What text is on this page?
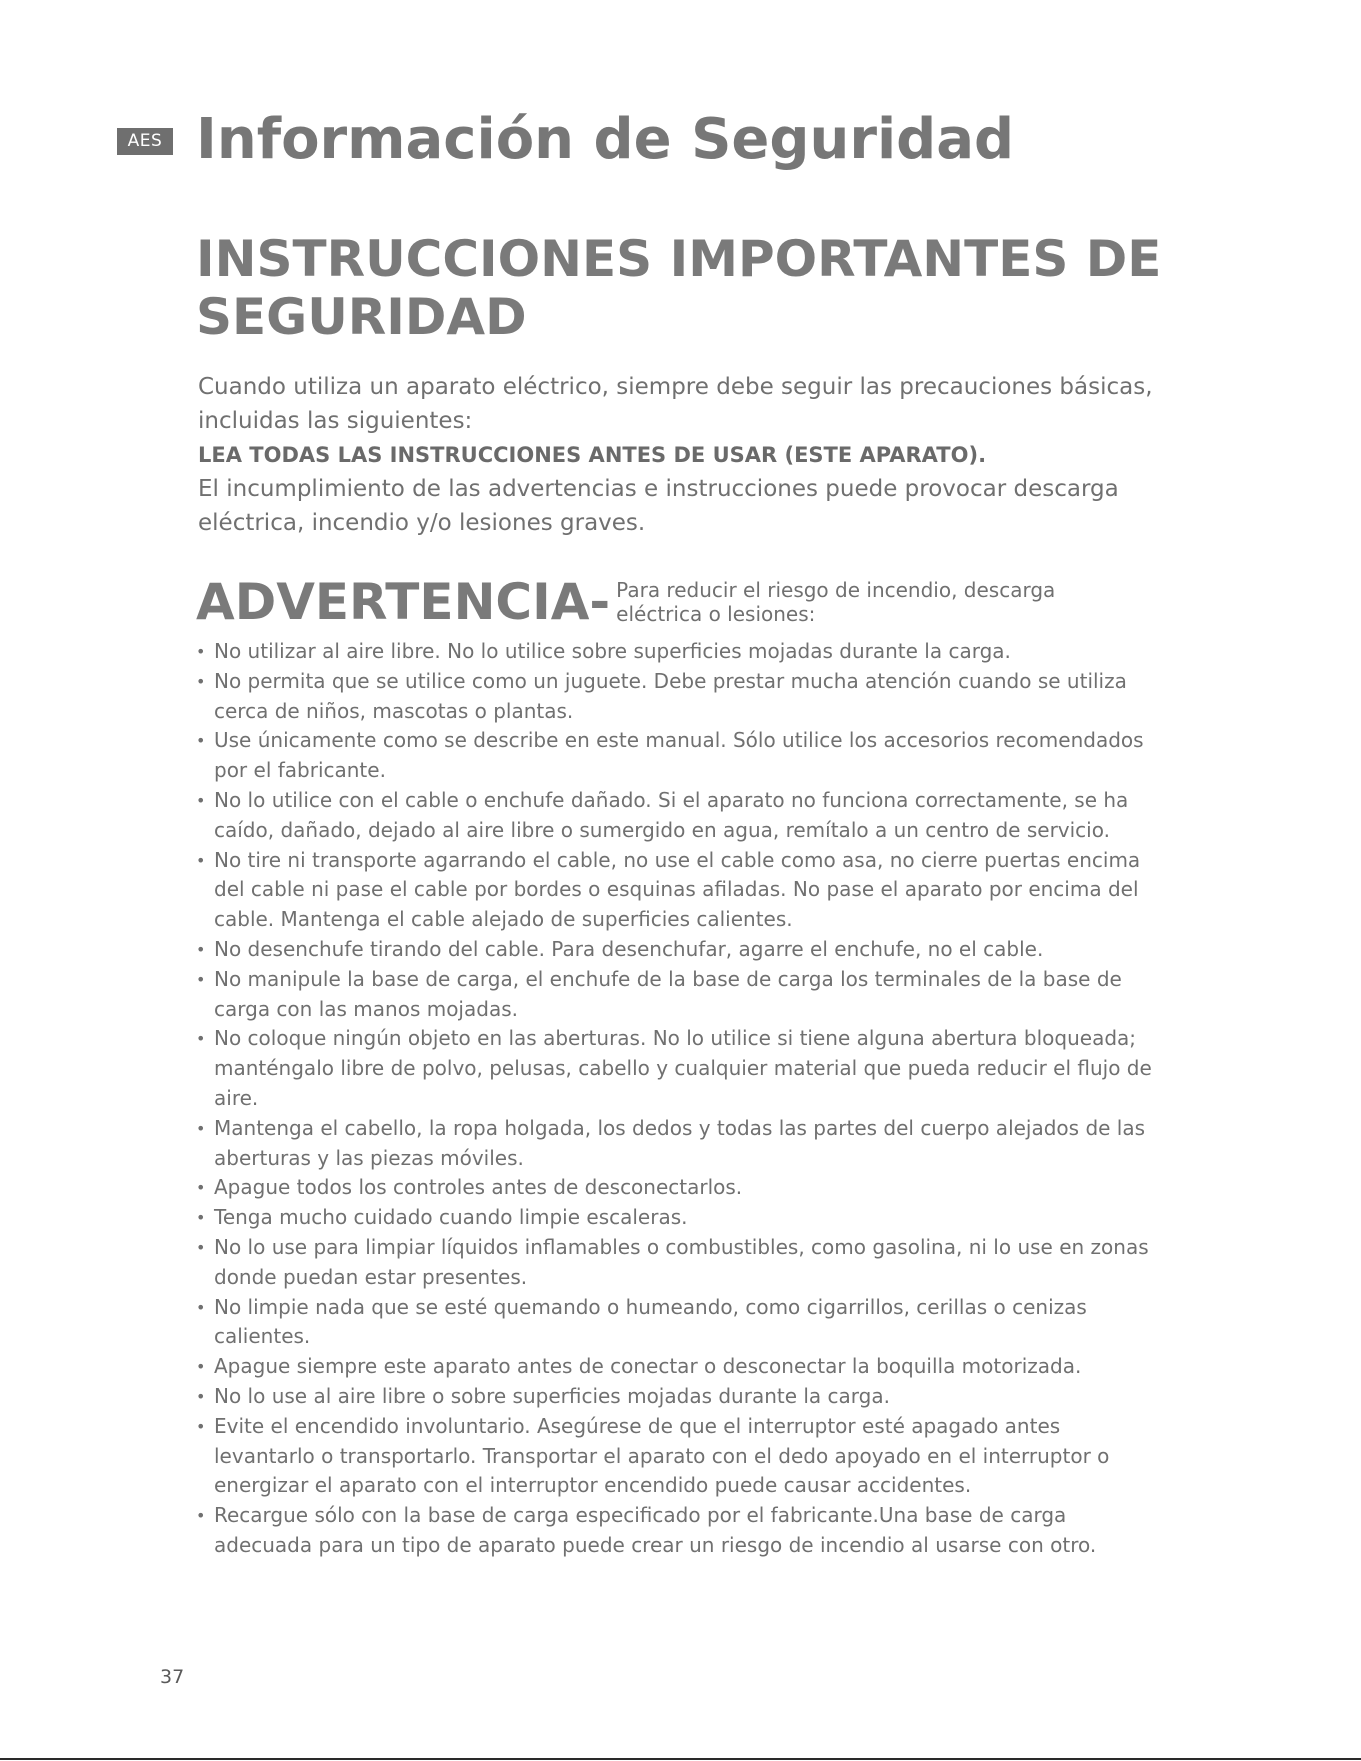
AES Información de Seguridad
INSTRUCCIONES IMPORTANTES DE SEGURIDAD

Cuando utiliza un aparato eléctrico, siempre debe seguir las precauciones básicas, incluidas las siguientes:

LEA TODAS LAS INSTRUCCIONES ANTES DE USAR (ESTE APARATO).

El incumplimiento de las advertencias e instrucciones puede provocar descarga eléctrica, incendio y/o lesiones graves.

ADVERTENCIA- Para reducir el riesgo de incendio, descarga eléctrica o lesiones:
• No utilizar al aire libre. No lo utilice sobre superficies mojadas durante la carga.
• No permita que se utilice como un juguete. Debe prestar mucha atención cuando se utiliza cerca de niños, mascotas o plantas.
• Use únicamente como se describe en este manual. Sólo utilice los accesorios recomendados por el fabricante.
• No lo utilice con el cable o enchufe dañado. Si el aparato no funciona correctamente, se ha caído, dañado, dejado al aire libre o sumergido en agua, remítalo a un centro de servicio.
• No tire ni transporte agarrando el cable, no use el cable como asa, no cierre puertas encima del cable ni pase el cable por bordes o esquinas afiladas. No pase el aparato por encima del cable. Mantenga el cable alejado de superficies calientes.
• No desenchufe tirando del cable. Para desenchufar, agarre el enchufe, no el cable.
• No manipule la base de carga, el enchufe de la base de carga los terminales de la base de carga con las manos mojadas.
• No coloque ningún objeto en las aberturas. No lo utilice si tiene alguna abertura bloqueada; manténgalo libre de polvo, pelusas, cabello y cualquier material que pueda reducir el flujo de aire.
• Mantenga el cabello, la ropa holgada, los dedos y todas las partes del cuerpo alejados de las aberturas y las piezas móviles.
• Apague todos los controles antes de desconectarlos.
• Tenga mucho cuidado cuando limpie escaleras.
• No lo use para limpiar líquidos inflamables o combustibles, como gasolina, ni lo use en zonas donde puedan estar presentes.
• No limpie nada que se esté quemando o humeando, como cigarrillos, cerillas o cenizas calientes.
• Apague siempre este aparato antes de conectar o desconectar la boquilla motorizada.
• No lo use al aire libre o sobre superficies mojadas durante la carga.
• Evite el encendido involuntario. Asegúrese de que el interruptor esté apagado antes levantarlo o transportarlo. Transportar el aparato con el dedo apoyado en el interruptor o energizar el aparato con el interruptor encendido puede causar accidentes.
• Recargue sólo con la base de carga especificado por el fabricante.Una base de carga adecuada para un tipo de aparato puede crear un riesgo de incendio al usarse con otro.
37
